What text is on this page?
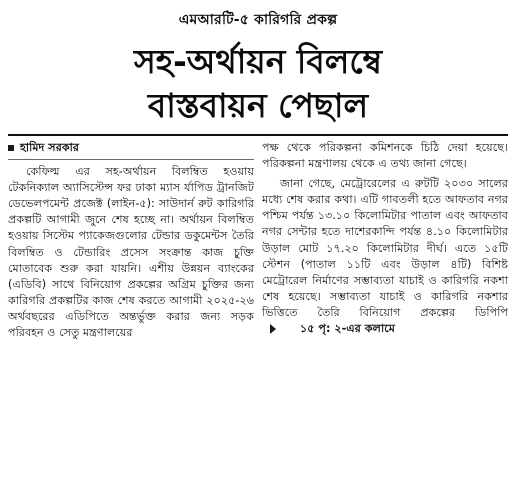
এমআরটি-৫ কারিগরি প্রকল্প
সহ-অর্থায়ন বিলম্বে
বাস্তবায়ন পেছাল
হামিদ সরকার

কেফিল্ম এর সহ-অর্থায়ন বিলম্বিত হওয়ায় টেকনিক্যাল অ্যাসিস্টেন্স ফর ঢাকা ম্যাস র্যাপিড ট্রানজিট ডেভেলপমেন্ট প্রজেক্ট (লাইন-৫): সাউদার্ন রুট কারিগরি প্রকল্পটি আগামী জুনে শেষ হচ্ছে না। অর্থায়ন বিলম্বিত হওয়ায় সিস্টেম প্যাকেজগুলোর টেন্ডার ডকুমেন্টস তৈরি বিলম্বিত ও টেন্ডারিং প্রসেস সংক্রান্ত কাজ চুক্তি মোতাবেক শুরু করা যায়নি। এশীয় উন্নয়ন ব্যাংকের (এডিবি) সাথে বিনিয়োগ প্রকল্পের অগ্রিম চুক্তির জন্য কারিগরি প্রকল্পটির কাজ শেষ করতে আগামী ২০২৫-২৬ অর্থবছরের এডিপিতে অন্তর্ভুক্ত করার জন্য সড়ক পরিবহন ও সেতু মন্ত্রণালয়ের

পক্ষ থেকে পরিকল্পনা কমিশনকে চিঠি দেয়া হয়েছে। পরিকল্পনা মন্ত্রণালয় থেকে এ তথ্য জানা গেছে।

জানা গেছে, মেট্রোরেলের এ রুটটি ২০৩০ সালের মধ্যে শেষ করার কথা। এটি গাবতলী হতে আফতাব নগর পশ্চিম পর্যন্ত ১৩.১০ কিলোমিটার পাতাল এবং আফতাব নগর সেন্টার হতে দাশেরকান্দি পর্যন্ত ৪.১০ কিলোমিটার উড়াল মোট ১৭.২০ কিলোমিটার দীর্ঘ। এতে ১৫টি স্টেশন (পাতাল ১১টি এবং উড়াল ৪টি) বিশিষ্ট মেট্রোরেল নির্মাণের সম্ভাব্যতা যাচাই ও কারিগরি নকশা শেষ হয়েছে। সম্ভাব্যতা যাচাই ও কারিগরি নকশার ভিত্তিতে তৈরি বিনিয়োগ প্রকল্পের ডিপিপি
১৫ পৃ: ২-এর কলামে
